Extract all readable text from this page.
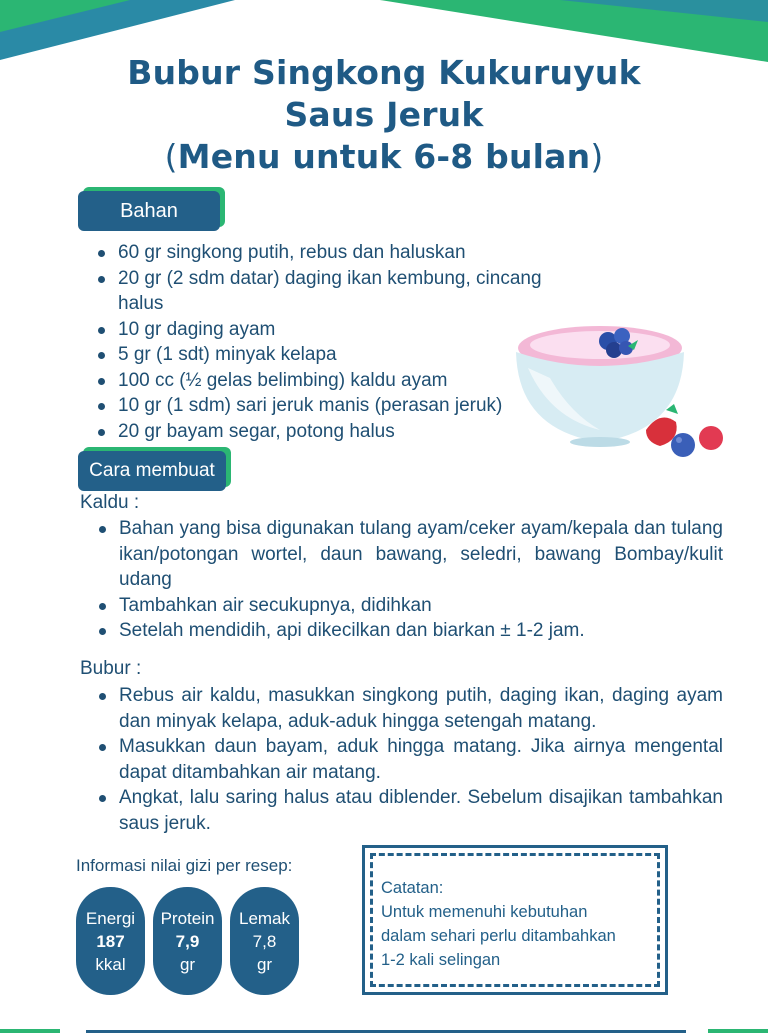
Bubur Singkong Kukuruyuk
Saus Jeruk
(Menu untuk 6-8 bulan)
Bahan
60 gr singkong putih, rebus dan haluskan
20 gr (2 sdm datar) daging ikan kembung, cincang halus
10 gr daging ayam
5 gr (1 sdt) minyak kelapa
100 cc (½ gelas belimbing) kaldu ayam
10 gr (1 sdm) sari jeruk manis (perasan jeruk)
20 gr bayam segar, potong halus
Cara membuat
Kaldu :
Bahan yang bisa digunakan tulang ayam/ceker ayam/kepala dan tulang ikan/potongan wortel, daun bawang, seledri, bawang Bombay/kulit udang
Tambahkan air secukupnya, didihkan
Setelah mendidih, api dikecilkan dan biarkan ± 1-2 jam.
Bubur :
Rebus air kaldu, masukkan singkong putih, daging ikan, daging ayam dan minyak kelapa, aduk-aduk hingga setengah matang.
Masukkan daun bayam, aduk hingga matang. Jika airnya mengental dapat ditambahkan air matang.
Angkat, lalu saring halus atau diblender. Sebelum disajikan tambahkan saus jeruk.
Informasi nilai gizi per resep:
Energi
187
kkal
Protein
7,9
gr
Lemak
7,8
gr
Catatan:
Untuk memenuhi kebutuhan
dalam sehari perlu ditambahkan
1-2 kali selingan
